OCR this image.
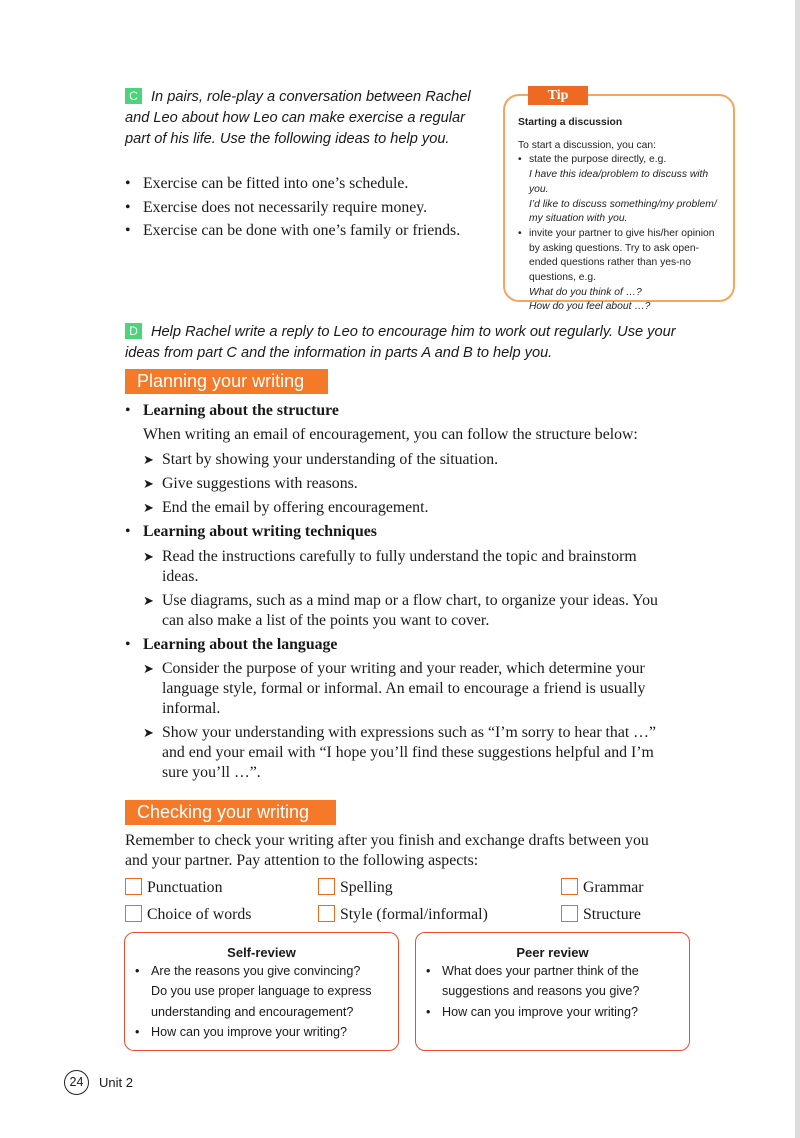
C In pairs, role-play a conversation between Rachel and Leo about how Leo can make exercise a regular part of his life. Use the following ideas to help you.
• Exercise can be fitted into one’s schedule.
• Exercise does not necessarily require money.
• Exercise can be done with one’s family or friends.
Tip
Starting a discussion
To start a discussion, you can:
• state the purpose directly, e.g.
I have this idea/problem to discuss with you.
I’d like to discuss something/my problem/
my situation with you.
• invite your partner to give his/her opinion
by asking questions. Try to ask open-
ended questions rather than yes-no
questions, e.g.
What do you think of …?
How do you feel about …?
D Help Rachel write a reply to Leo to encourage him to work out regularly. Use your ideas from part C and the information in parts A and B to help you.
Planning your writing
• Learning about the structure
When writing an email of encouragement, you can follow the structure below:
➤ Start by showing your understanding of the situation.
➤ Give suggestions with reasons.
➤ End the email by offering encouragement.
• Learning about writing techniques
➤ Read the instructions carefully to fully understand the topic and brainstorm
ideas.
➤ Use diagrams, such as a mind map or a flow chart, to organize your ideas. You
can also make a list of the points you want to cover.
• Learning about the language
➤ Consider the purpose of your writing and your reader, which determine your
language style, formal or informal. An email to encourage a friend is usually
informal.
➤ Show your understanding with expressions such as “I’m sorry to hear that …”
and end your email with “I hope you’ll find these suggestions helpful and I’m
sure you’ll …”.
Checking your writing
Remember to check your writing after you finish and exchange drafts between you
and your partner. Pay attention to the following aspects:
Punctuation	Spelling	Grammar
Choice of words	Style (formal/informal)	Structure
Self-review
• Are the reasons you give convincing?
Do you use proper language to express
understanding and encouragement?
• How can you improve your writing?
Peer review
• What does your partner think of the
suggestions and reasons you give?
• How can you improve your writing?
24	Unit 2
